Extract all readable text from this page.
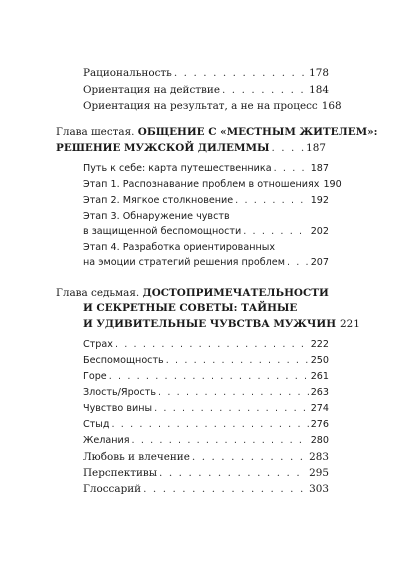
Рациональность . . .	178
Ориентация на действие . . .	184
Ориентация на результат, а не на процесс 168
Глава шестая. ОБЩЕНИЕ С «МЕСТНЫМ ЖИТЕЛЕМ»:
РЕШЕНИЕ МУЖСКОЙ ДИЛЕММЫ . . .	187
Путь к себе: карта путешественника . . .	187
Этап 1. Распознавание проблем в отношениях 190
Этап 2. Мягкое столкновение . . .	192
Этап 3. Обнаружение чувств
в защищенной беспомощности . . .	202
Этап 4. Разработка ориентированных
на эмоции стратегий решения проблем . . .	207
Глава седьмая. ДОСТОПРИМЕЧАТЕЛЬНОСТИ
И СЕКРЕТНЫЕ СОВЕТЫ: ТАЙНЫЕ
И УДИВИТЕЛЬНЫЕ ЧУВСТВА МУЖЧИН 221
Страх . . .	222
Беспомощность . . .	250
Горе . . .	261
Злость/Ярость . . .	263
Чувство вины . . .	274
Стыд . . .	276
Желания . . .	280
Любовь и влечение . . .	283
Перспективы . . .	295
Глоссарий . . .	303
